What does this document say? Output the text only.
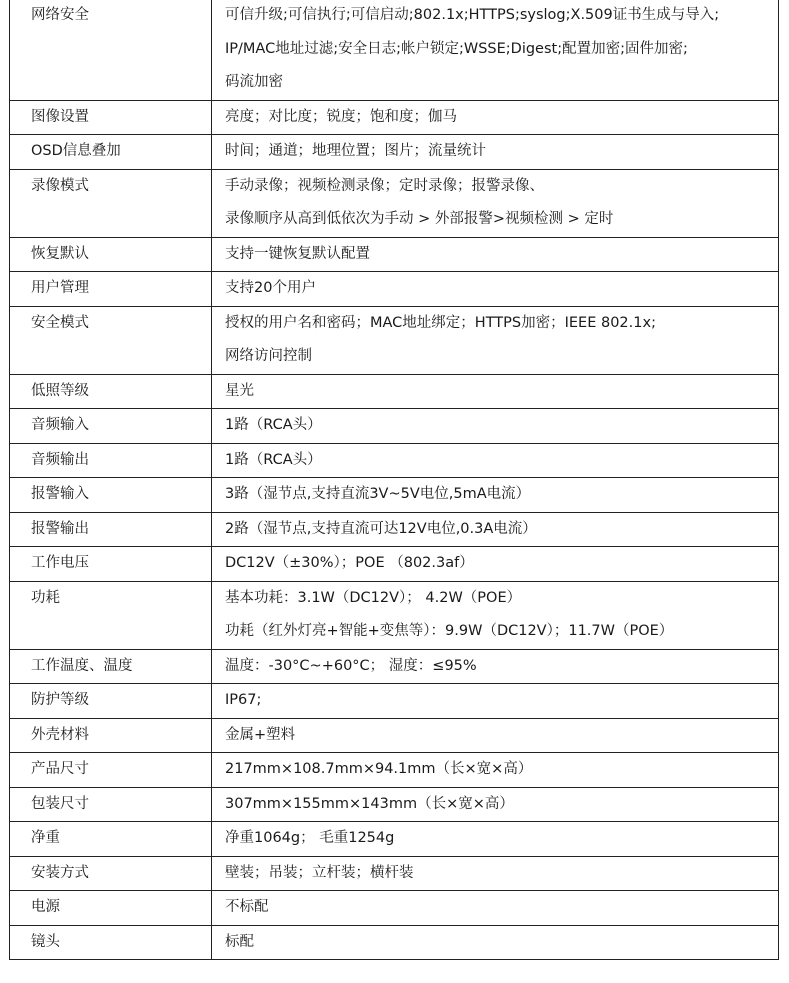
网络安全	可信升级;可信执行;可信启动;802.1x;HTTPS;syslog;X.509证书生成与导入;
IP/MAC地址过滤;安全日志;帐户锁定;WSSE;Digest;配置加密;固件加密;
码流加密

图像设置	亮度；对比度；锐度；饱和度；伽马

OSD信息叠加	时间；通道；地理位置；图片；流量统计

录像模式	手动录像；视频检测录像；定时录像；报警录像、
录像顺序从高到低依次为手动 > 外部报警>视频检测 > 定时

恢复默认	支持一键恢复默认配置

用户管理	支持20个用户

安全模式	授权的用户名和密码；MAC地址绑定；HTTPS加密；IEEE 802.1x;
网络访问控制

低照等级	星光

音频输入	1路（RCA头）

音频输出	1路（RCA头）

报警输入	3路（湿节点,支持直流3V~5V电位,5mA电流）

报警输出	2路（湿节点,支持直流可达12V电位,0.3A电流）

工作电压	DC12V（±30%）；POE （802.3af）

功耗	基本功耗：3.1W（DC12V）； 4.2W（POE）
功耗（红外灯亮+智能+变焦等）：9.9W（DC12V）；11.7W（POE）

工作温度、温度	温度：-30°C~+60°C； 湿度：≤95%

防护等级	IP67;

外壳材料	金属+塑料

产品尺寸	217mm×108.7mm×94.1mm（长×宽×高）

包装尺寸	307mm×155mm×143mm（长×宽×高）

净重	净重1064g； 毛重1254g

安装方式	壁装；吊装；立杆装；横杆装

电源	不标配

镜头	标配
